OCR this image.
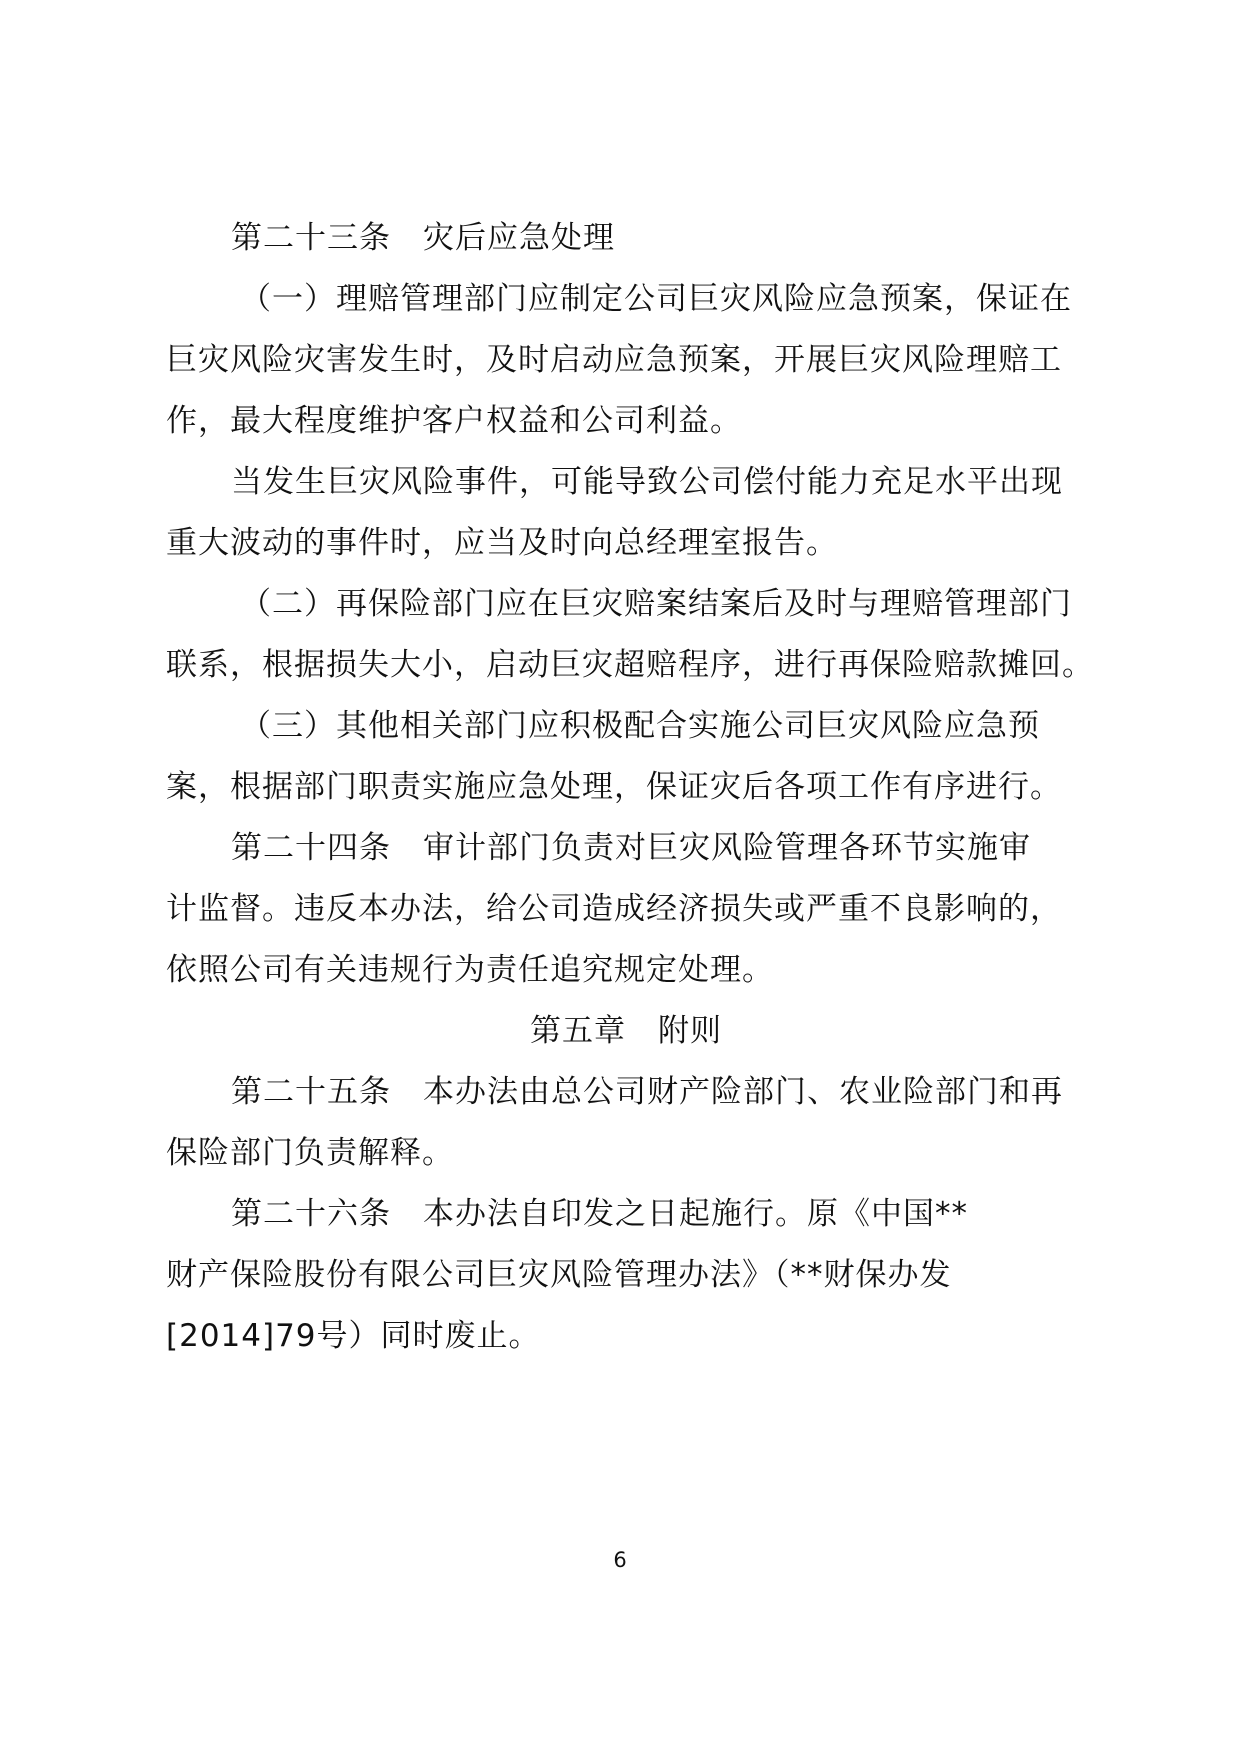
第二十三条　灾后应急处理
（一）理赔管理部门应制定公司巨灾风险应急预案，保证在
巨灾风险灾害发生时，及时启动应急预案，开展巨灾风险理赔工
作，最大程度维护客户权益和公司利益。
当发生巨灾风险事件，可能导致公司偿付能力充足水平出现
重大波动的事件时，应当及时向总经理室报告。
（二）再保险部门应在巨灾赔案结案后及时与理赔管理部门
联系，根据损失大小，启动巨灾超赔程序，进行再保险赔款摊回。
（三）其他相关部门应积极配合实施公司巨灾风险应急预
案，根据部门职责实施应急处理，保证灾后各项工作有序进行。
第二十四条　审计部门负责对巨灾风险管理各环节实施审
计监督。违反本办法，给公司造成经济损失或严重不良影响的，
依照公司有关违规行为责任追究规定处理。
第五章　附则
第二十五条　本办法由总公司财产险部门、农业险部门和再
保险部门负责解释。
第二十六条　本办法自印发之日起施行。原《中国**
财产保险股份有限公司巨灾风险管理办法》（**财保办发
[2014]79号）同时废止。
6
